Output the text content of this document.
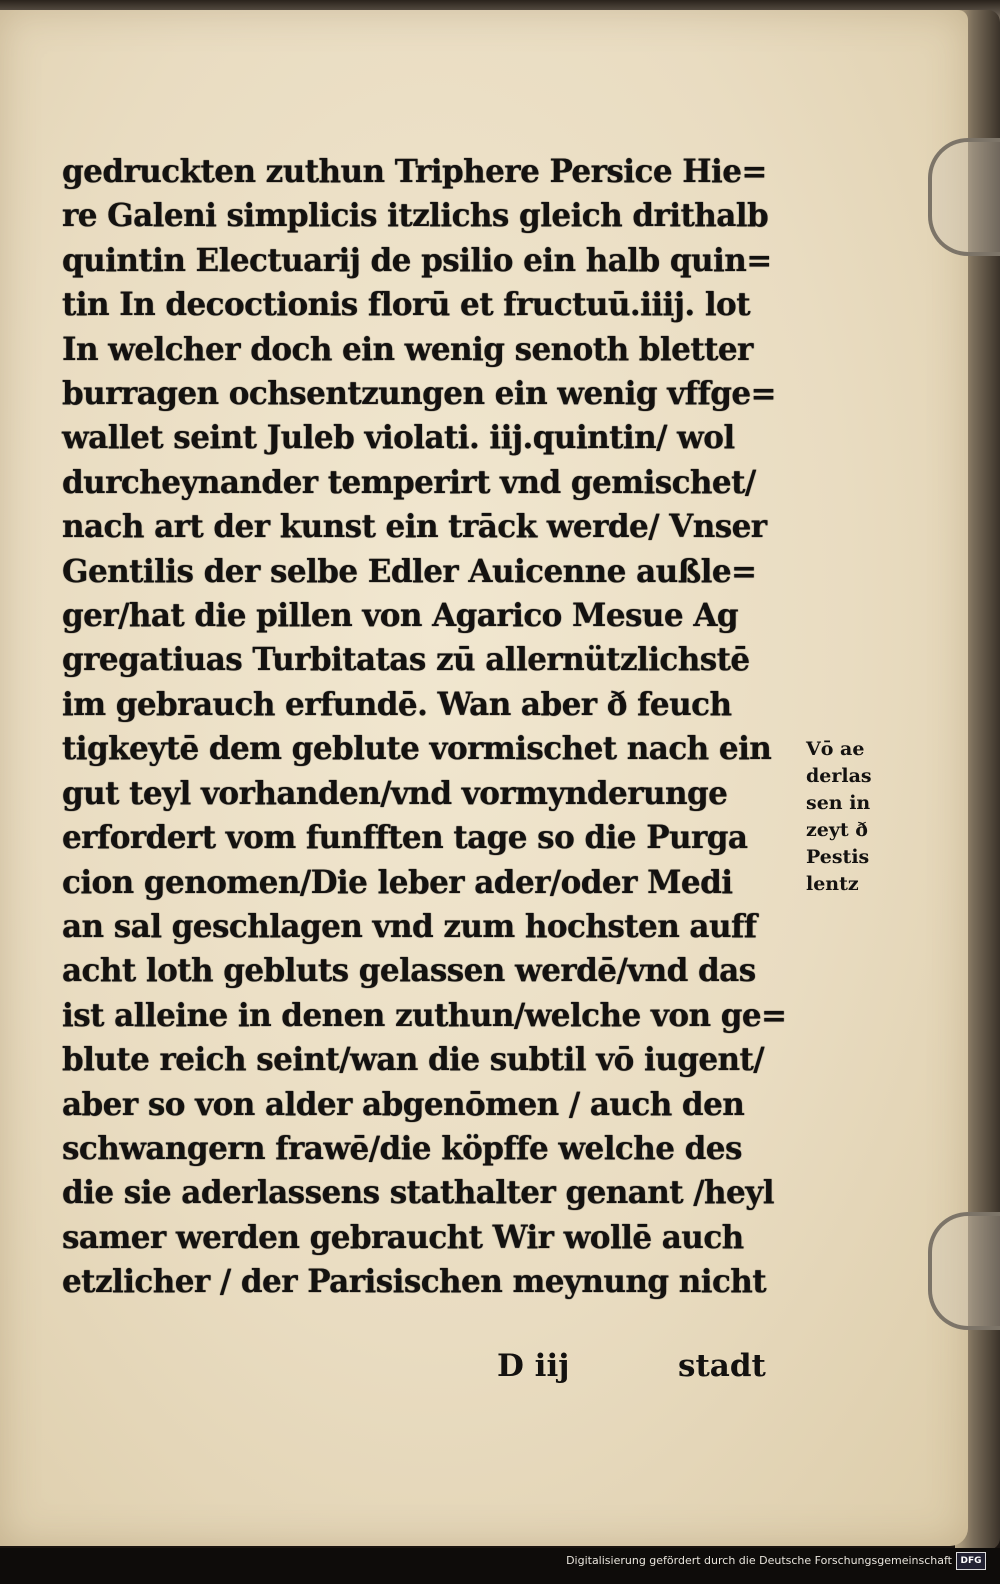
gedruckten zuthun Triphere Persice Hie=
re Galeni simplicis itzlichs gleich drithalb
quintin Electuarij de psilio ein halb quin=
tin In decoctionis florū et fructuū.iiij. lot
In welcher doch ein wenig senoth bletter
burragen ochsentzungen ein wenig vffge=
wallet seint Juleb violati. iij.quintin/ wol
durcheynander temperirt vnd gemischet/
nach art der kunst ein trāck werde/ Vnser
Gentilis der selbe Edler Auicenne außle=
ger/hat die pillen von Agarico Mesue Ag
gregatiuas Turbitatas zū allernützlichstē
im gebrauch erfundē. Wan aber ð feuch
tigkeytē dem geblute vormischet nach ein
gut teyl vorhanden/vnd vormynderunge
erfordert vom funfften tage so die Purga
cion genomen/Die leber ader/oder Medi
an sal geschlagen vnd zum hochsten auff
acht loth gebluts gelassen werdē/vnd das
ist alleine in denen zuthun/welche von ge=
blute reich seint/wan die subtil vō iugent/
aber so von alder abgenōmen / auch den
schwangern frawē/die köpffe welche des
die sie aderlassens stathalter genant /heyl
samer werden gebraucht Wir wollē auch
etzlicher / der Parisischen meynung nicht
D iij	stadt
Vō ae
derlas
sen in
zeyt ð
Pestis
lentz
Digitalisierung gefördert durch die Deutsche Forschungsgemeinschaft DFG
